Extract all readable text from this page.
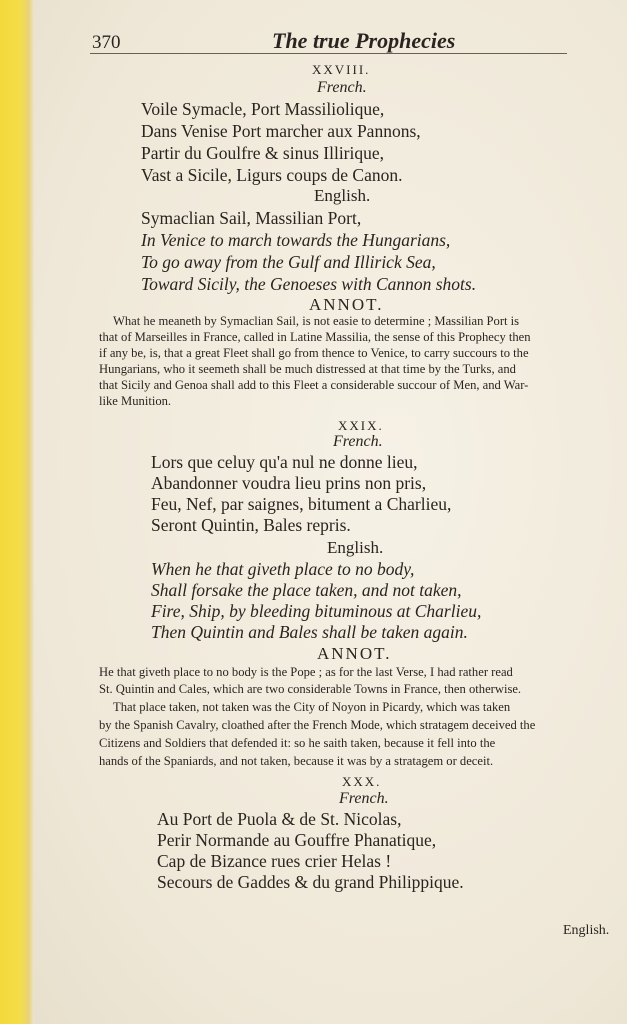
370	The true Prophecies
XXVIII.
French.
Voile Symacle, Port Massiliolique,
Dans Venise Port marcher aux Pannons,
Partir du Goulfre & sinus Illirique,
Vast a Sicile, Ligurs coups de Canon.
English.
Symaclian Sail, Massilian Port,
In Venice to march towards the Hungarians,
To go away from the Gulf and Illirick Sea,
Toward Sicily, the Genoeses with Cannon shots.
ANNOT.
What he meaneth by Symaclian Sail, is not easie to determine ; Massilian Port is
that of Marseilles in France, called in Latine Massilia, the sense of this Prophecy then
if any be, is, that a great Fleet shall go from thence to Venice, to carry succours to the
Hungarians, who it seemeth shall be much distressed at that time by the Turks, and
that Sicily and Genoa shall add to this Fleet a considerable succour of Men, and War-
like Munition.
XXIX.
French.
Lors que celuy qu'a nul ne donne lieu,
Abandonner voudra lieu prins non pris,
Feu, Nef, par saignes, bitument a Charlieu,
Seront Quintin, Bales repris.
English.
When he that giveth place to no body,
Shall forsake the place taken, and not taken,
Fire, Ship, by bleeding bituminous at Charlieu,
Then Quintin and Bales shall be taken again.
ANNOT.
He that giveth place to no body is the Pope ; as for the last Verse, I had rather read
St. Quintin and Cales, which are two considerable Towns in France, then otherwise.
That place taken, not taken was the City of Noyon in Picardy, which was taken
by the Spanish Cavalry, cloathed after the French Mode, which stratagem deceived the
Citizens and Soldiers that defended it: so he saith taken, because it fell into the
hands of the Spaniards, and not taken, because it was by a stratagem or deceit.
XXX.
French.
Au Port de Puola & de St. Nicolas,
Perir Normande au Gouffre Phanatique,
Cap de Bizance rues crier Helas !
Secours de Gaddes & du grand Philippique.
English.
